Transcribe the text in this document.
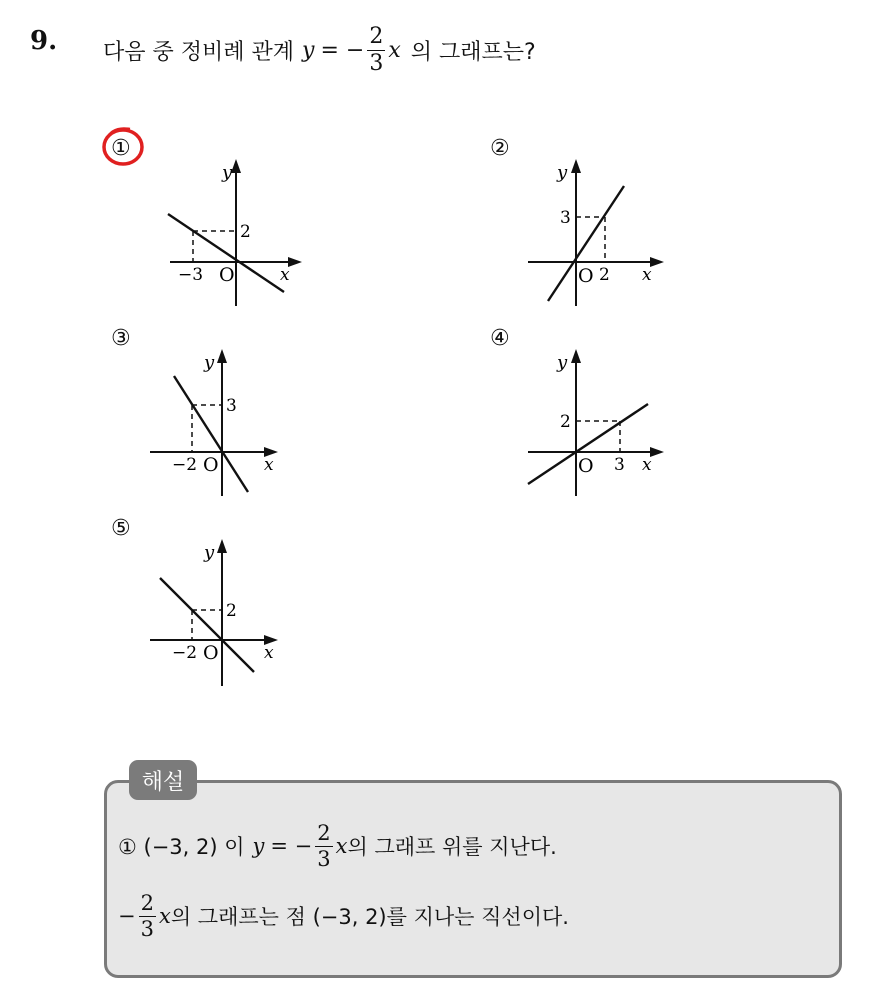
9. 다음 중 정비례 관계 y = − $\frac{2}{3}$ x 의 그래프는?
①
y
x
O
−3
2
②
y
x
O 2
3
③
y
x
O
−2
3
④
y
x
O 3
2
⑤
y
x
O
−2
2
해설
① (−3, 2) 이 y = − $\frac{2}{3}$ x 의 그래프 위를 지난다.
− $\frac{2}{3}$ x 의 그래프는 점 (−3, 2)를 지나는 직선이다.
